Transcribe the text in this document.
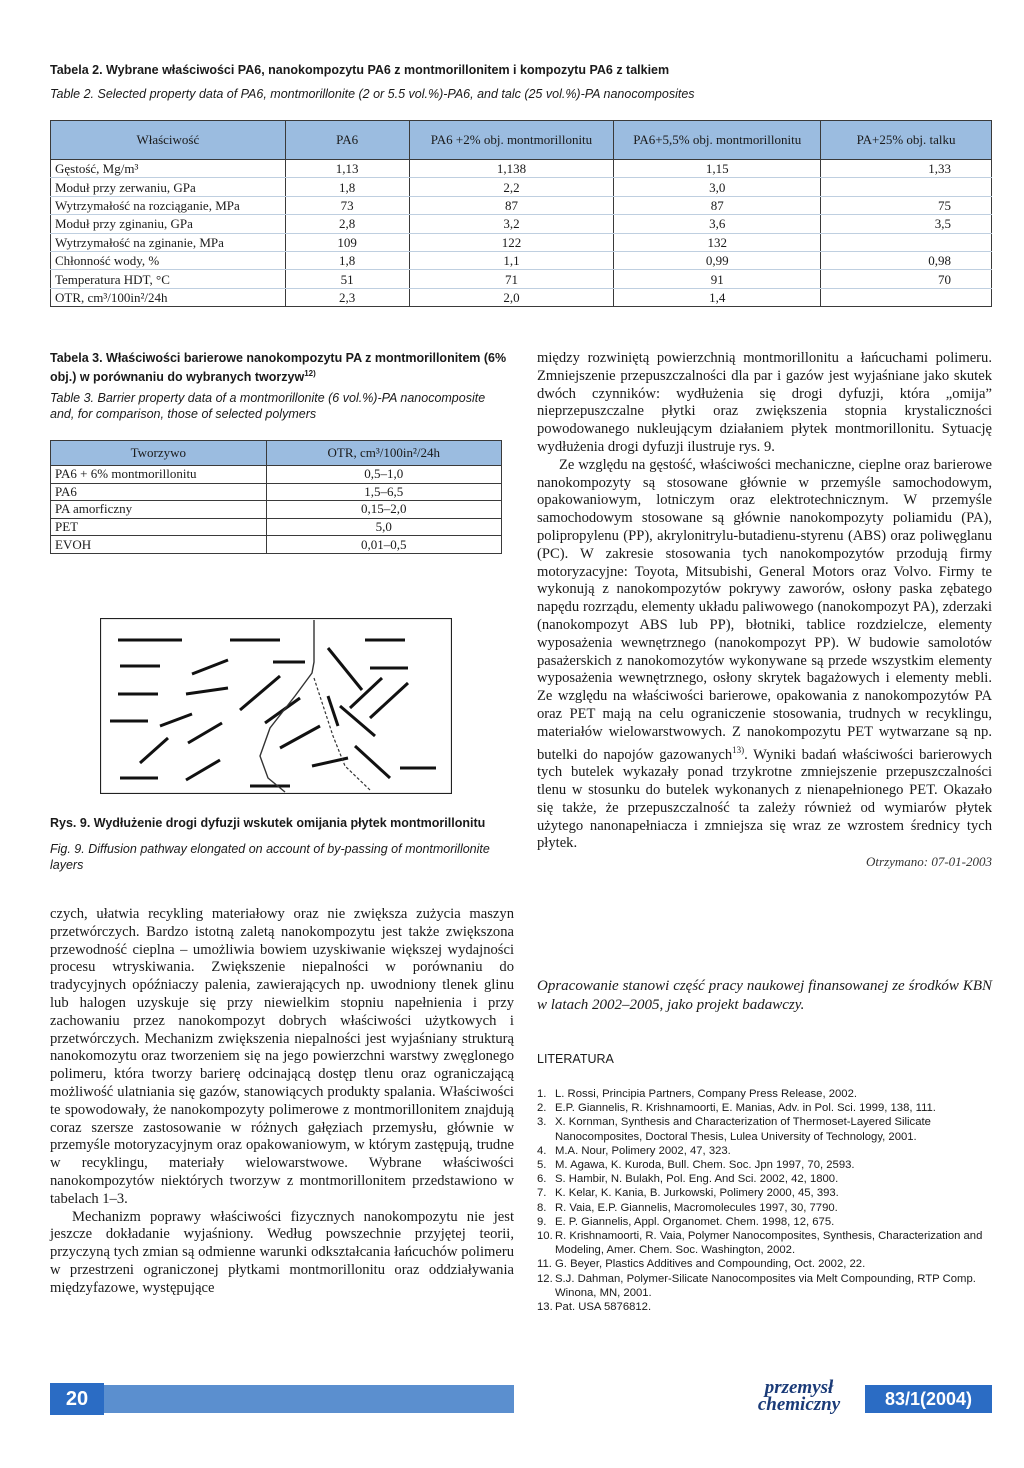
Tabela 2. Wybrane właściwości PA6, nanokompozytu PA6 z montmorillonitem i kompozytu PA6 z talkiem
Table 2. Selected property data of PA6, montmorillonite (2 or 5.5 vol.%)-PA6, and talc (25 vol.%)-PA nanocomposites
Właściwość	PA6	PA6 +2% obj. montmorillonitu	PA6+5,5% obj. montmorillonitu	PA+25% obj. talku
Gęstość, Mg/m³	1,13	1,138	1,15	1,33
Moduł przy zerwaniu, GPa	1,8	2,2	3,0	
Wytrzymałość na rozciąganie, MPa	73	87	87	75
Moduł przy zginaniu, GPa	2,8	3,2	3,6	3,5
Wytrzymałość na zginanie, MPa	109	122	132	
Chłonność wody, %	1,8	1,1	0,99	0,98
Temperatura HDT, °C	51	71	91	70
OTR, cm³/100in²/24h	2,3	2,0	1,4	
Tabela 3. Właściwości barierowe nanokompozytu PA z montmorillonitem (6% obj.) w porównaniu do wybranych tworzyw$^{12)}$
Table 3. Barrier property data of a montmorillonite (6 vol.%)-PA nanocomposite and, for comparison, those of selected polymers
Tworzywo	OTR, cm³/100in²/24h
PA6 + 6% montmorillonitu	0,5–1,0
PA6	1,5–6,5
PA amorficzny	0,15–2,0
PET	5,0
EVOH	0,01–0,5
Rys. 9. Wydłużenie drogi dyfuzji wskutek omijania płytek montmorillonitu
Fig. 9. Diffusion pathway elongated on account of by-passing of montmorillonite layers

czych, ułatwia recykling materiałowy oraz nie zwiększa zużycia maszyn przetwórczych. Bardzo istotną zaletą nanokompozytu jest także zwiększona przewodność cieplna – umożliwia bowiem uzyskiwanie większej wydajności procesu wtryskiwania. Zwiększenie niepalności w porównaniu do tradycyjnych opóźniaczy palenia, zawierających np. uwodniony tlenek glinu lub halogen uzyskuje się przy niewielkim stopniu napełnienia i przy zachowaniu przez nanokompozyt dobrych właściwości użytkowych i przetwórczych. Mechanizm zwiększenia niepalności jest wyjaśniany strukturą nanokomozytu oraz tworzeniem się na jego powierzchni warstwy zwęglonego polimeru, która tworzy barierę odcinającą dostęp tlenu oraz ograniczającą możliwość ulatniania się gazów, stanowiących produkty spalania. Właściwości te spowodowały, że nanokompozyty polimerowe z montmorillonitem znajdują coraz szersze zastosowanie w różnych gałęziach przemysłu, głównie w przemyśle motoryzacyjnym oraz opakowaniowym, w którym zastępują, trudne w recyklingu, materiały wielowarstwowe. Wybrane właściwości nanokompozytów niektórych tworzyw z montmorillonitem przedstawiono w tabelach 1–3.

Mechanizm poprawy właściwości fizycznych nanokompozytu nie jest jeszcze dokładanie wyjaśniony. Według powszechnie przyjętej teorii, przyczyną tych zmian są odmienne warunki odkształcania łańcuchów polimeru w przestrzeni ograniczonej płytkami montmorillonitu oraz oddziaływania międzyfazowe, występujące

między rozwiniętą powierzchnią montmorillonitu a łańcuchami polimeru. Zmniejszenie przepuszczalności dla par i gazów jest wyjaśniane jako skutek dwóch czynników: wydłużenia się drogi dyfuzji, która „omija” nieprzepuszczalne płytki oraz zwiększenia stopnia krystaliczności powodowanego nukleującym działaniem płytek montmorillonitu. Sytuację wydłużenia drogi dyfuzji ilustruje rys. 9.

Ze względu na gęstość, właściwości mechaniczne, cieplne oraz barierowe nanokompozyty są stosowane głównie w przemyśle samochodowym, opakowaniowym, lotniczym oraz elektrotechnicznym. W przemyśle samochodowym stosowane są głównie nanokompozyty poliamidu (PA), polipropylenu (PP), akrylonitrylu-butadienu-styrenu (ABS) oraz poliwęglanu (PC). W zakresie stosowania tych nanokompozytów przodują firmy motoryzacyjne: Toyota, Mitsubishi, General Motors oraz Volvo. Firmy te wykonują z nanokompozytów pokrywy zaworów, osłony paska zębatego napędu rozrządu, elementy układu paliwowego (nanokompozyt PA), zderzaki (nanokompozyt ABS lub PP), błotniki, tablice rozdzielcze, elementy wyposażenia wewnętrznego (nanokompozyt PP). W budowie samolotów pasażerskich z nanokomozytów wykonywane są przede wszystkim elementy wyposażenia wewnętrznego, osłony skrytek bagażowych i elementy mebli. Ze względu na właściwości barierowe, opakowania z nanokompozytów PA oraz PET mają na celu ograniczenie stosowania, trudnych w recyklingu, materiałów wielowarstwowych. Z nanokompozytu PET wytwarzane są np. butelki do napojów gazowanych$^{13)}$. Wyniki badań właściwości barierowych tych butelek wykazały ponad trzykrotne zmniejszenie przepuszczalności tlenu w stosunku do butelek wykonanych z nienapełnionego PET. Okazało się także, że przepuszczalność ta zależy również od wymiarów płytek użytego nanonapełniacza i zmniejsza się wraz ze wzrostem średnicy tych płytek.

Otrzymano: 07-01-2003

Opracowanie stanowi część pracy naukowej finansowanej ze środków KBN w latach 2002–2005, jako projekt badawczy.
LITERATURA
1. L. Rossi, Principia Partners, Company Press Release, 2002.
2. E.P. Giannelis, R. Krishnamoorti, E. Manias, Adv. in Pol. Sci. 1999, 138, 111.
3. X. Kornman, Synthesis and Characterization of Thermoset-Layered Silicate Nanocomposites, Doctoral Thesis, Lulea University of Technology, 2001.
4. M.A. Nour, Polimery 2002, 47, 323.
5. M. Agawa, K. Kuroda, Bull. Chem. Soc. Jpn 1997, 70, 2593.
6. S. Hambir, N. Bulakh, Pol. Eng. And Sci. 2002, 42, 1800.
7. K. Kelar, K. Kania, B. Jurkowski, Polimery 2000, 45, 393.
8. R. Vaia, E.P. Giannelis, Macromolecules 1997, 30, 7790.
9. E. P. Giannelis, Appl. Organomet. Chem. 1998, 12, 675.
10. R. Krishnamoorti, R. Vaia, Polymer Nanocomposites, Synthesis, Characterization and Modeling, Amer. Chem. Soc. Washington, 2002.
11. G. Beyer, Plastics Additives and Compounding, Oct. 2002, 22.
12. S.J. Dahman, Polymer-Silicate Nanocomposites via Melt Compounding, RTP Comp. Winona, MN, 2001.
13. Pat. USA 5876812.
20
przemysł
chemiczny	83/1(2004)
